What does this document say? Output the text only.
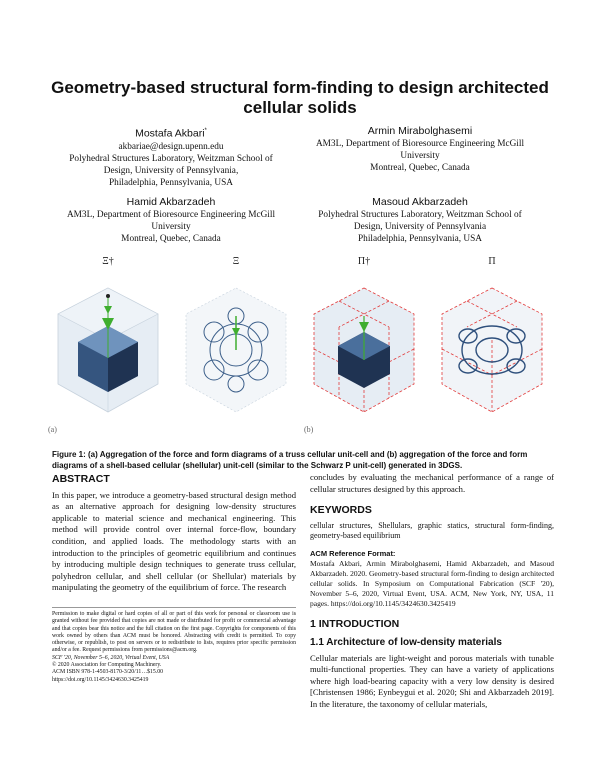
Geometry-based structural form-finding to design architected cellular solids
Mostafa Akbari*
akbariae@design.upenn.edu
Polyhedral Structures Laboratory, Weitzman School of
Design, University of Pennsylvania,
Philadelphia, Pennsylvania, USA
Armin Mirabolghasemi
AM3L, Department of Bioresource Engineering McGill
University
Montreal, Quebec, Canada
Hamid Akbarzadeh
AM3L, Department of Bioresource Engineering McGill
University
Montreal, Quebec, Canada
Masoud Akbarzadeh
Polyhedral Structures Laboratory, Weitzman School of
Design, University of Pennsylvania
Philadelphia, Pennsylvania, USA
Ξ†
(a)
Ξ	Π†
(b)
Π
Figure 1: (a) Aggregation of the force and form diagrams of a truss cellular unit-cell and (b) aggregation of the force and form diagrams of a shell-based cellular (shellular) unit-cell (similar to the Schwarz P unit-cell) generated in 3DGS.
ABSTRACT

In this paper, we introduce a geometry-based structural design method as an alternative approach for designing low-density structures applicable to material science and mechanical engineering. This method will provide control over internal force-flow, boundary condition, and applied loads. The methodology starts with an introduction to the principles of geometric equilibrium and continues by introducing multiple design techniques to generate truss cellular, polyhedron cellular, and shell cellular (or Shellular) materials by manipulating the geometry of the equilibrium of force. The research

Permission to make digital or hard copies of all or part of this work for personal or classroom use is granted without fee provided that copies are not made or distributed for profit or commercial advantage and that copies bear this notice and the full citation on the first page. Copyrights for components of this work owned by others than ACM must be honored. Abstracting with credit is permitted. To copy otherwise, or republish, to post on servers or to redistribute to lists, requires prior specific permission and/or a fee. Request permissions from permissions@acm.org.

SCF '20, November 5–6, 2020, Virtual Event, USA
© 2020 Association for Computing Machinery.
ACM ISBN 978-1-4503-8170-3/20/11…$15.00
https://doi.org/10.1145/3424630.3425419

concludes by evaluating the mechanical performance of a range of cellular structures designed by this approach.

KEYWORDS

cellular structures, Shellulars, graphic statics, structural form-finding, geometry-based equilibrium

ACM Reference Format:

Mostafa Akbari, Armin Mirabolghasemi, Hamid Akbarzadeh, and Masoud Akbarzadeh. 2020. Geometry-based structural form-finding to design architected cellular solids. In Symposium on Computational Fabrication (SCF '20), November 5–6, 2020, Virtual Event, USA. ACM, New York, NY, USA, 11 pages. https://doi.org/10.1145/3424630.3425419

1 INTRODUCTION
1.1 Architecture of low-density materials

Cellular materials are light-weight and porous materials with tunable multi-functional properties. They can have a variety of applications where high load-bearing capacity with a very low density is desired [Christensen 1986; Eynbeygui et al. 2020; Shi and Akbarzadeh 2019]. In the literature, the taxonomy of cellular materials,
